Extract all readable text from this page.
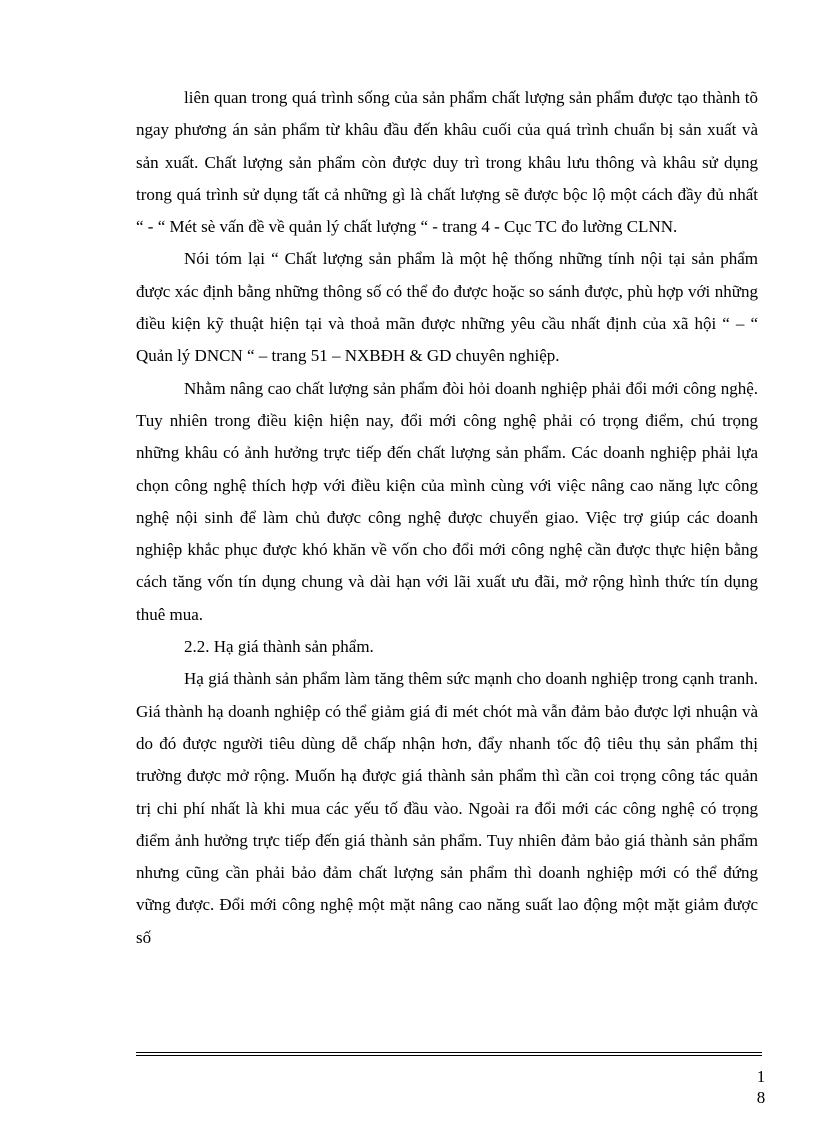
liên quan trong quá trình sống của sản phẩm chất lượng sản phẩm được tạo thành tõ ngay phương án sản phẩm từ khâu đầu đến khâu cuối của quá trình chuẩn bị sản xuất và sản xuất. Chất lượng sản phẩm còn được duy trì trong khâu lưu thông và khâu sử dụng trong quá trình sử dụng tất cả những gì là chất lượng sẽ được bộc lộ một cách đầy đủ nhất “ - “ Mét sè vấn đề về quản lý chất lượng “ - trang 4 - Cục TC đo lường CLNN.

Nói tóm lại “ Chất lượng sản phẩm là một hệ thống những tính nội tại sản phẩm được xác định bằng những thông số có thể đo được hoặc so sánh được, phù hợp với những điều kiện kỹ thuật hiện tại và thoả mãn được những yêu cầu nhất định của xã hội “ – “ Quản lý DNCN “ – trang 51 – NXBĐH & GD chuyên nghiệp.

Nhằm nâng cao chất lượng sản phẩm đòi hỏi doanh nghiệp phải đổi mới công nghệ. Tuy nhiên trong điều kiện hiện nay, đổi mới công nghệ phải có trọng điểm, chú trọng những khâu có ảnh hưởng trực tiếp đến chất lượng sản phẩm. Các doanh nghiệp phải lựa chọn công nghệ thích hợp với điều kiện của mình cùng với việc nâng cao năng lực công nghệ nội sinh để làm chủ được công nghệ được chuyển giao. Việc trợ giúp các doanh nghiệp khắc phục được khó khăn về vốn cho đổi mới công nghệ cần được thực hiện bằng cách tăng vốn tín dụng chung và dài hạn với lãi xuất ưu đãi, mở rộng hình thức tín dụng thuê mua.

2.2. Hạ giá thành sản phẩm.

Hạ giá thành sản phẩm làm tăng thêm sức mạnh cho doanh nghiệp trong cạnh tranh. Giá thành hạ doanh nghiệp có thể giảm giá đi mét chót mà vẫn đảm bảo được lợi nhuận và do đó được người tiêu dùng dễ chấp nhận hơn, đẩy nhanh tốc độ tiêu thụ sản phẩm thị trường được mở rộng. Muốn hạ được giá thành sản phẩm thì cần coi trọng công tác quản trị chi phí nhất là khi mua các yếu tố đầu vào. Ngoài ra đổi mới các công nghệ có trọng điểm ảnh hưởng trực tiếp đến giá thành sản phẩm. Tuy nhiên đảm bảo giá thành sản phẩm nhưng cũng cần phải bảo đảm chất lượng sản phẩm thì doanh nghiệp mới có thể đứng vững được. Đổi mới công nghệ một mặt nâng cao năng suất lao động một mặt giảm được số

1
8
